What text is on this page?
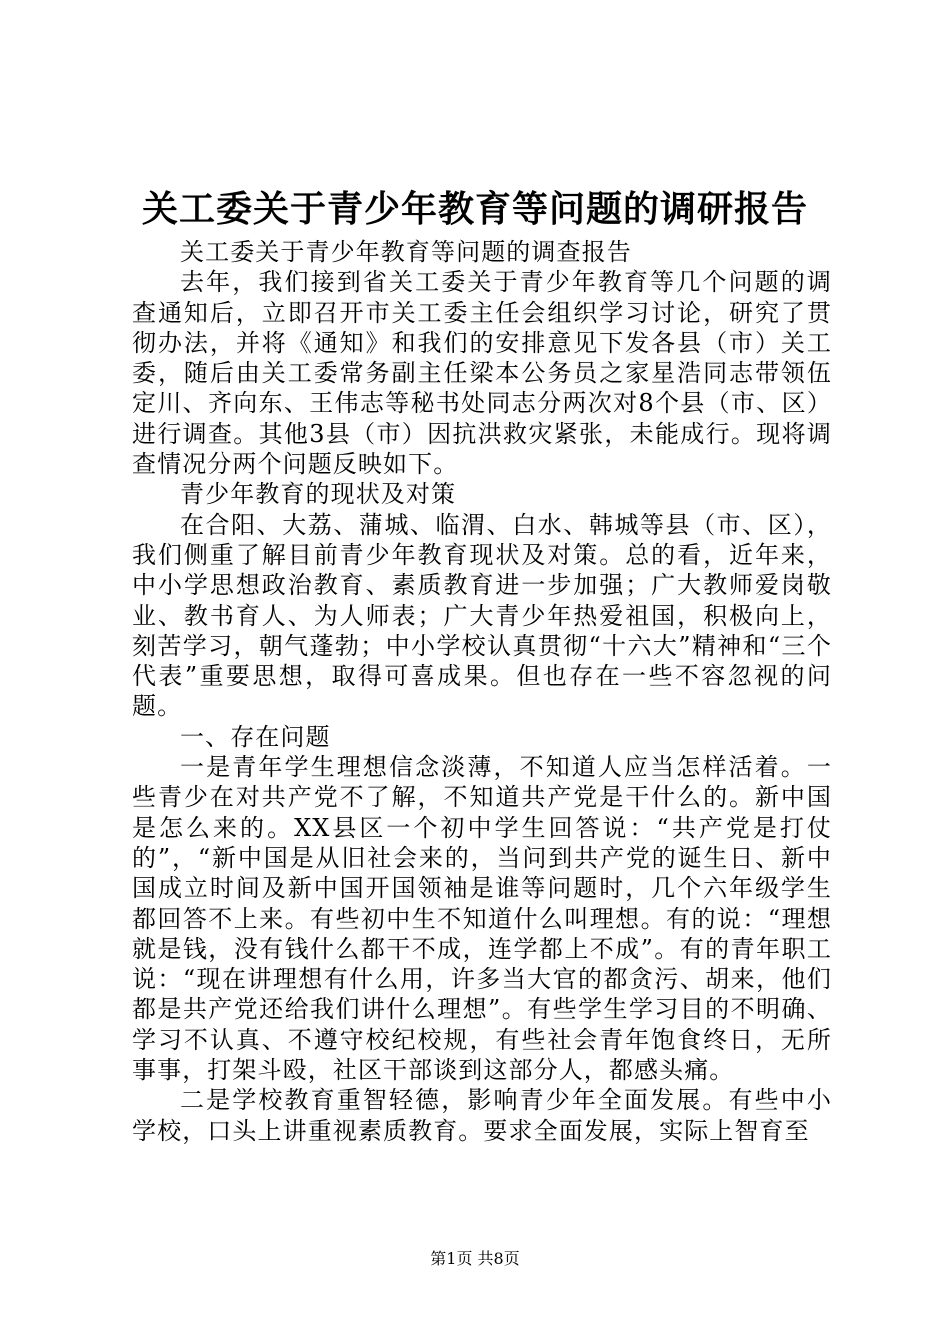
关工委关于青少年教育等问题的调研报告

关工委关于青少年教育等问题的调查报告

去年，我们接到省关工委关于青少年教育等几个问题的调查通知后，立即召开市关工委主任会组织学习讨论，研究了贯彻办法，并将《通知》和我们的安排意见下发各县（市）关工委，随后由关工委常务副主任梁本公务员之家星浩同志带领伍定川、齐向东、王伟志等秘书处同志分两次对8个县（市、区）进行调查。其他3县（市）因抗洪救灾紧张，未能成行。现将调查情况分两个问题反映如下。

青少年教育的现状及对策

在合阳、大荔、蒲城、临渭、白水、韩城等县（市、区），我们侧重了解目前青少年教育现状及对策。总的看，近年来，中小学思想政治教育、素质教育进一步加强；广大教师爱岗敬业、教书育人、为人师表；广大青少年热爱祖国，积极向上，刻苦学习，朝气蓬勃；中小学校认真贯彻“十六大”精神和“三个代表”重要思想，取得可喜成果。但也存在一些不容忽视的问题。

一、存在问题

一是青年学生理想信念淡薄，不知道人应当怎样活着。一些青少在对共产党不了解，不知道共产党是干什么的。新中国是怎么来的。XX县区一个初中学生回答说：“共产党是打仗的”，“新中国是从旧社会来的，当问到共产党的诞生日、新中国成立时间及新中国开国领袖是谁等问题时，几个六年级学生都回答不上来。有些初中生不知道什么叫理想。有的说：“理想就是钱，没有钱什么都干不成，连学都上不成”。有的青年职工说：“现在讲理想有什么用，许多当大官的都贪污、胡来，他们都是共产党还给我们讲什么理想”。有些学生学习目的不明确、学习不认真、不遵守校纪校规，有些社会青年饱食终日，无所事事，打架斗殴，社区干部谈到这部分人，都感头痛。

二是学校教育重智轻德，影响青少年全面发展。有些中小学校，口头上讲重视素质教育。要求全面发展，实际上智育至

第1页 共8页
